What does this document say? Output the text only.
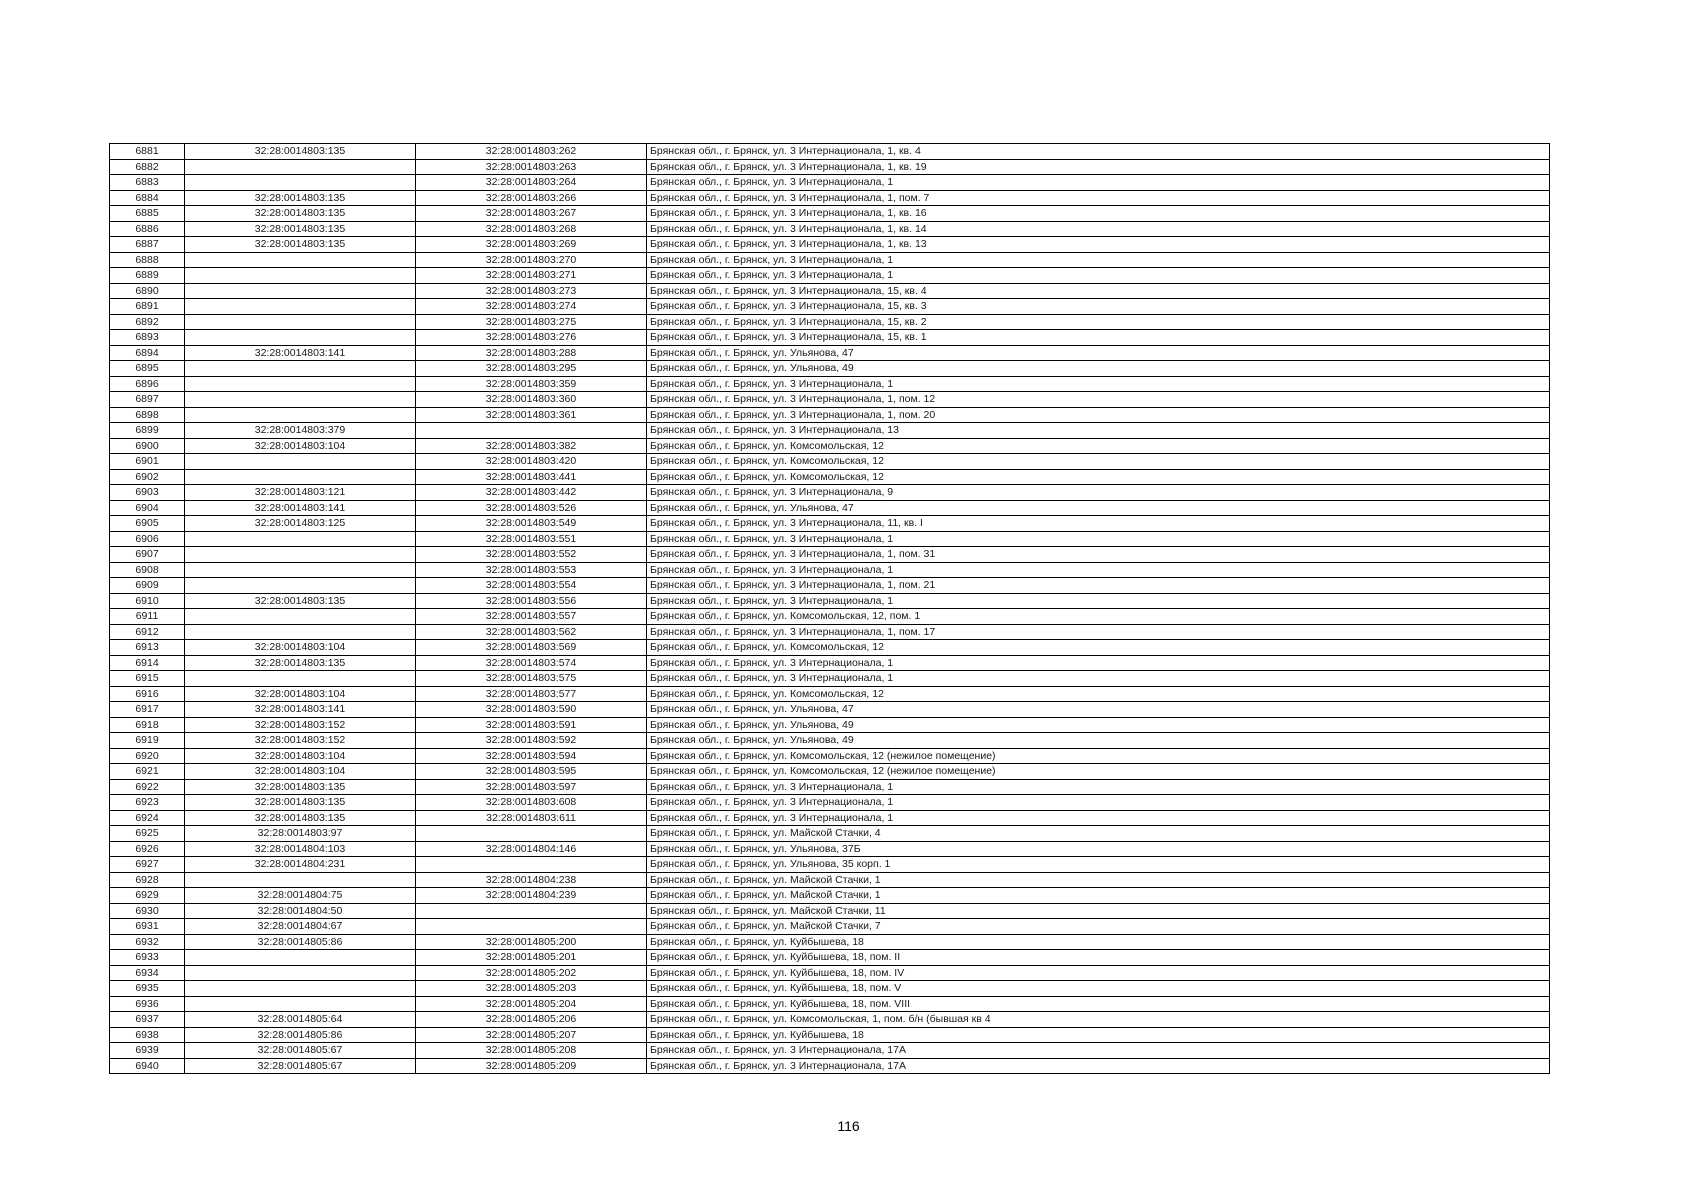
6881	32:28:0014803:135	32:28:0014803:262	Брянская обл., г. Брянск, ул. 3 Интернационала, 1, кв. 4
6882		32:28:0014803:263	Брянская обл., г. Брянск, ул. 3 Интернационала, 1, кв. 19
6883		32:28:0014803:264	Брянская обл., г. Брянск, ул. 3 Интернационала, 1
6884	32:28:0014803:135	32:28:0014803:266	Брянская обл., г. Брянск, ул. 3 Интернационала, 1, пом. 7
6885	32:28:0014803:135	32:28:0014803:267	Брянская обл., г. Брянск, ул. 3 Интернационала, 1, кв. 16
6886	32:28:0014803:135	32:28:0014803:268	Брянская обл., г. Брянск, ул. 3 Интернационала, 1, кв. 14
6887	32:28:0014803:135	32:28:0014803:269	Брянская обл., г. Брянск, ул. 3 Интернационала, 1, кв. 13
6888		32:28:0014803:270	Брянская обл., г. Брянск, ул. 3 Интернационала, 1
6889		32:28:0014803:271	Брянская обл., г. Брянск, ул. 3 Интернационала, 1
6890		32:28:0014803:273	Брянская обл., г. Брянск, ул. 3 Интернационала, 15, кв. 4
6891		32:28:0014803:274	Брянская обл., г. Брянск, ул. 3 Интернационала, 15, кв. 3
6892		32:28:0014803:275	Брянская обл., г. Брянск, ул. 3 Интернационала, 15, кв. 2
6893		32:28:0014803:276	Брянская обл., г. Брянск, ул. 3 Интернационала, 15, кв. 1
6894	32:28:0014803:141	32:28:0014803:288	Брянская обл., г. Брянск, ул. Ульянова, 47
6895		32:28:0014803:295	Брянская обл., г. Брянск, ул. Ульянова, 49
6896		32:28:0014803:359	Брянская обл., г. Брянск, ул. 3 Интернационала, 1
6897		32:28:0014803:360	Брянская обл., г. Брянск, ул. 3 Интернационала, 1, пом. 12
6898		32:28:0014803:361	Брянская обл., г. Брянск, ул. 3 Интернационала, 1, пом. 20
6899	32:28:0014803:379		Брянская обл., г. Брянск, ул. 3 Интернационала, 13
6900	32:28:0014803:104	32:28:0014803:382	Брянская обл., г. Брянск, ул. Комсомольская, 12
6901		32:28:0014803:420	Брянская обл., г. Брянск, ул. Комсомольская, 12
6902		32:28:0014803:441	Брянская обл., г. Брянск, ул. Комсомольская, 12
6903	32:28:0014803:121	32:28:0014803:442	Брянская обл., г. Брянск, ул. 3 Интернационала, 9
6904	32:28:0014803:141	32:28:0014803:526	Брянская обл., г. Брянск, ул. Ульянова, 47
6905	32:28:0014803:125	32:28:0014803:549	Брянская обл., г. Брянск, ул. 3 Интернационала, 11, кв. I
6906		32:28:0014803:551	Брянская обл., г. Брянск, ул. 3 Интернационала, 1
6907		32:28:0014803:552	Брянская обл., г. Брянск, ул. 3 Интернационала, 1, пом. 31
6908		32:28:0014803:553	Брянская обл., г. Брянск, ул. 3 Интернационала, 1
6909		32:28:0014803:554	Брянская обл., г. Брянск, ул. 3 Интернационала, 1, пом. 21
6910	32:28:0014803:135	32:28:0014803:556	Брянская обл., г. Брянск, ул. 3 Интернационала, 1
6911		32:28:0014803:557	Брянская обл., г. Брянск, ул. Комсомольская, 12, пом. 1
6912		32:28:0014803:562	Брянская обл., г. Брянск, ул. 3 Интернационала, 1, пом. 17
6913	32:28:0014803:104	32:28:0014803:569	Брянская обл., г. Брянск, ул. Комсомольская, 12
6914	32:28:0014803:135	32:28:0014803:574	Брянская обл., г. Брянск, ул. 3 Интернационала, 1
6915		32:28:0014803:575	Брянская обл., г. Брянск, ул. 3 Интернационала, 1
6916	32:28:0014803:104	32:28:0014803:577	Брянская обл., г. Брянск, ул. Комсомольская, 12
6917	32:28:0014803:141	32:28:0014803:590	Брянская обл., г. Брянск, ул. Ульянова, 47
6918	32:28:0014803:152	32:28:0014803:591	Брянская обл., г. Брянск, ул. Ульянова, 49
6919	32:28:0014803:152	32:28:0014803:592	Брянская обл., г. Брянск, ул. Ульянова, 49
6920	32:28:0014803:104	32:28:0014803:594	Брянская обл., г. Брянск, ул. Комсомольская, 12 (нежилое помещение)
6921	32:28:0014803:104	32:28:0014803:595	Брянская обл., г. Брянск, ул. Комсомольская, 12 (нежилое помещение)
6922	32:28:0014803:135	32:28:0014803:597	Брянская обл., г. Брянск, ул. 3 Интернационала, 1
6923	32:28:0014803:135	32:28:0014803:608	Брянская обл., г. Брянск, ул. 3 Интернационала, 1
6924	32:28:0014803:135	32:28:0014803:611	Брянская обл., г. Брянск, ул. 3 Интернационала, 1
6925	32:28:0014803:97		Брянская обл., г. Брянск, ул. Майской Стачки, 4
6926	32:28:0014804:103	32:28:0014804:146	Брянская обл., г. Брянск, ул. Ульянова, 37Б
6927	32:28:0014804:231		Брянская обл., г. Брянск, ул. Ульянова, 35 корп. 1
6928		32:28:0014804:238	Брянская обл., г. Брянск, ул. Майской Стачки, 1
6929	32:28:0014804:75	32:28:0014804:239	Брянская обл., г. Брянск, ул. Майской Стачки, 1
6930	32:28:0014804:50		Брянская обл., г. Брянск, ул. Майской Стачки, 11
6931	32:28:0014804:67		Брянская обл., г. Брянск, ул. Майской Стачки, 7
6932	32:28:0014805:86	32:28:0014805:200	Брянская обл., г. Брянск, ул. Куйбышева, 18
6933		32:28:0014805:201	Брянская обл., г. Брянск, ул. Куйбышева, 18, пом. II
6934		32:28:0014805:202	Брянская обл., г. Брянск, ул. Куйбышева, 18, пом. IV
6935		32:28:0014805:203	Брянская обл., г. Брянск, ул. Куйбышева, 18, пом. V
6936		32:28:0014805:204	Брянская обл., г. Брянск, ул. Куйбышева, 18, пом. VIII
6937	32:28:0014805:64	32:28:0014805:206	Брянская обл., г. Брянск, ул. Комсомольская, 1, пом. б/н (бывшая кв 4
6938	32:28:0014805:86	32:28:0014805:207	Брянская обл., г. Брянск, ул. Куйбышева, 18
6939	32:28:0014805:67	32:28:0014805:208	Брянская обл., г. Брянск, ул. 3 Интернационала, 17А
6940	32:28:0014805:67	32:28:0014805:209	Брянская обл., г. Брянск, ул. 3 Интернационала, 17А
116
